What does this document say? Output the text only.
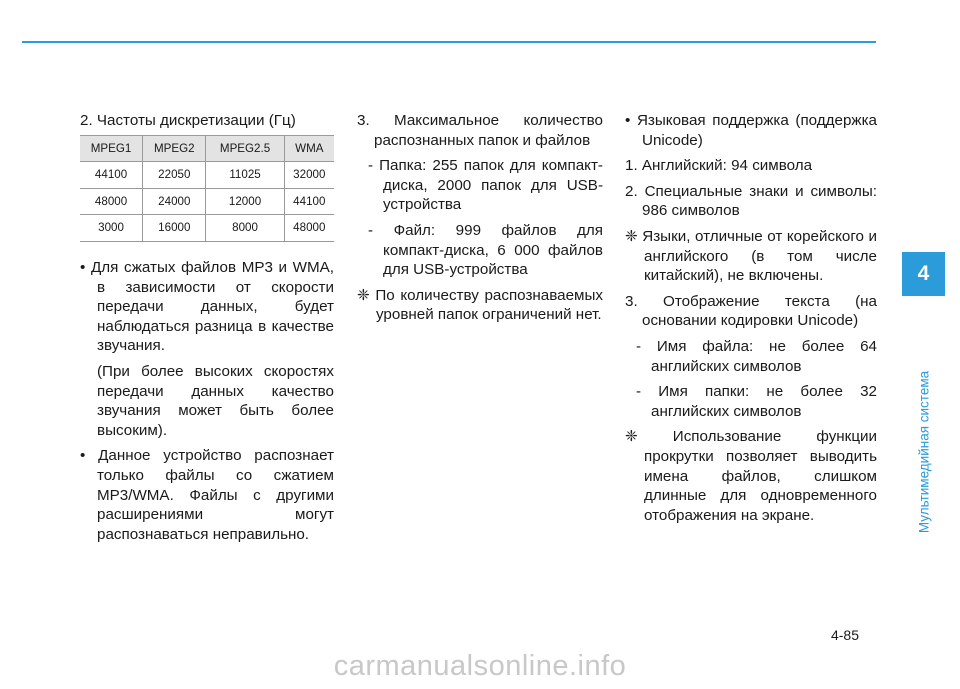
2. Частоты дискретизации (Гц)

MPEG1	MPEG2	MPEG2.5	WMA
44100	22050	11025	32000
48000	24000	12000	44100
3000	16000	8000	48000

• Для сжатых файлов MP3 и WMA, в зависимости от скорости передачи данных, будет наблюдаться разница в качестве звучания.

(При более высоких скоростях передачи данных качество звучания может быть более высоким).

• Данное устройство распознает только файлы со сжатием MP3/WMA. Файлы с другими расширениями могут распознаваться неправильно.

3. Максимальное количество распознанных папок и файлов

- Папка: 255 папок для компакт-диска, 2000 папок для USB-устройства

- Файл: 999 файлов для компакт-диска, 6 000 файлов для USB-устройства

❈ По количеству распознаваемых уровней папок ограничений нет.

• Языковая поддержка (поддержка Unicode)

1. Английский: 94 символа

2. Специальные знаки и символы: 986 символов

❈ Языки, отличные от корейского и английского (в том числе китайский), не включены.

3. Отображение текста (на основании кодировки Unicode)

- Имя файла: не более 64 английских символов

- Имя папки: не более 32 английских символов

❈ Использование функции прокрутки позволяет выводить имена файлов, слишком длинные для одновременного отображения на экране.

4
Мультимедийная система
4-85
carmanualsonline.info
